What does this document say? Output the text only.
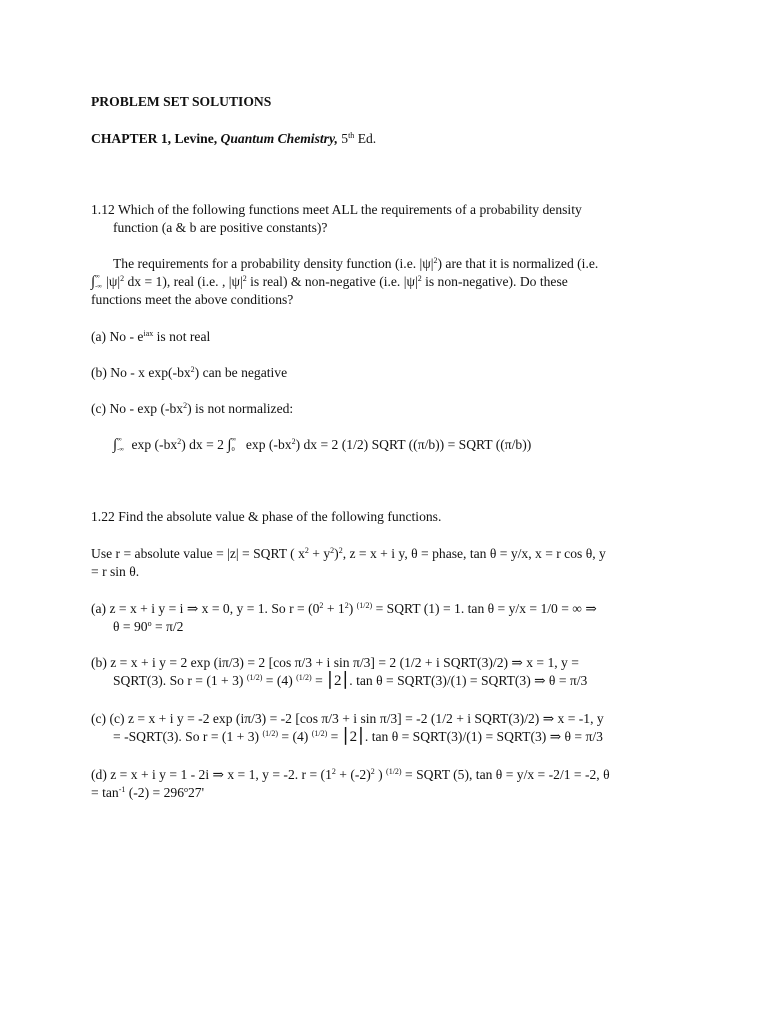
PROBLEM SET SOLUTIONS
CHAPTER 1, Levine, Quantum Chemistry, 5th Ed.
1.12 Which of the following functions meet ALL the requirements of a probability density
function (a & b are positive constants)?
The requirements for a probability density function (i.e. $|\psi|^2$) are that it is normalized (i.e.
∫ ∞
-∞ $|\psi|^2$ dx = 1), real (i.e. , $|\psi|^2$ is real) & non-negative (i.e. $|\psi|^2$ is non-negative). Do these
functions meet the above conditions?
(a) No - $e^{iax}$ is not real
(b) No - x $\exp(-bx^2)$ can be negative
(c) No - $\exp (-bx^2)$ is not normalized:
∫ ∞
-∞ $\exp (-bx^2)$ dx = 2 ∫ ∞
0 $\exp (-bx^2)$ dx = 2 (1/2) SQRT ((π/b)) = SQRT ((π/b))
1.22 Find the absolute value & phase of the following functions.
Use r = absolute value = |z| = SQRT ( $x^2 + y^2)^2$, z = x + i y, θ = phase, tan θ = y/x, x = r cos θ, y
= r sin θ.
(a) z = x + i y = i ⇒ x = 0, y = 1. So $r = (0^2 + 1^2) ^{(1/2)}$ = SQRT (1) = 1. tan θ = y/x = 1/0 = ∞ ⇒
$\theta = 90^o = \pi/2$
(b) z = x + i y = 2 exp (iπ/3) = 2 [cos π/3 + i sin π/3] = 2 (1/2 + i SQRT(3)/2) ⇒ x = 1, y =
SQRT(3). So r = (1 + 3) $^{(1/2)}$ = (4) $^{(1/2)}$ = ⎮2⎮. tan θ = SQRT(3)/(1) = SQRT(3) ⇒ θ = π/3
(c) (c) z = x + i y = -2 exp (iπ/3) = -2 [cos π/3 + i sin π/3] = -2 (1/2 + i SQRT(3)/2) ⇒ x = -1, y
= -SQRT(3). So r = (1 + 3) $^{(1/2)}$ = (4) $^{(1/2)}$ = ⎮2⎮. tan θ = SQRT(3)/(1) = SQRT(3) ⇒ θ = π/3
(d) z = x + i y = 1 - 2i ⇒ x = 1, y = -2. $r = (1^2 + (-2)^2$ ) $^{(1/2)}$ = SQRT (5), tan θ = y/x = -2/1 = -2, θ
= $\tan^{-1} (-2) = 296^o27'$
